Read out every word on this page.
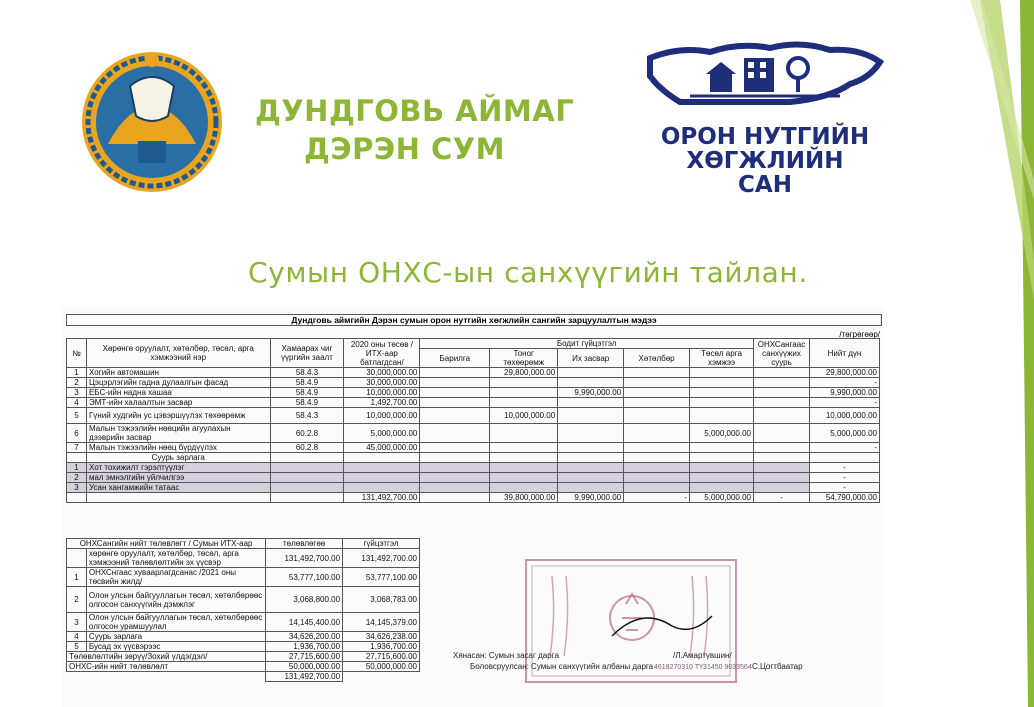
ДУНДГОВЬ АЙМАГ
ДЭРЭН СУМ	ОРОН НУТГИЙН
ХӨГЖЛИЙН
САН
Сумын ОНХС-ын санхүүгийн тайлан.
Дундговь аймгийн Дэрэн сумын орон нутгийн хөгжлийн сангийн зарцуулалтын мэдээ
/төгрөгөөр/
№	Хөрөнгө оруулалт, хөтөлбөр, төсөл, арга хэмжээний нэр	Хамаарах чиг үүргийн заалт	2020 оны төсөв /ИТХ-аар батлагдсан/	Бодит гүйцэтгэл					ОНХСангаас санхүүжих суурь	Нийт дүн
				Барилга	Тоног төхөөрөмж	Их засвар	Хөтөлбөр	Төсөл арга хэмжээ		
1	Хогийн автомашин	58.4.3	30,000,000.00		29,800,000.00					29,800,000.00
2	Цэцэрлэгийн гадна дулаалгын фасад	58.4.9	30,000,000.00							-
3	ЕБС-ийн надна хашаа	58.4.9	10,000,000.00			9,990,000.00				9,990,000.00
4	ЭМТ-ийн халаалтын засвар	58.4.9	1,492,700.00							-
5	Гүний худгийн ус цэвэршүүлэх төхөөрөмж	58.4.3	10,000,000.00		10,000,000.00					10,000,000.00
6	Малын тэжээлийн нөөцийн агуулахын дээврийн засвар	60.2.8	5,000,000.00					5,000,000.00		5,000,000.00
7	Малын тэжээлийн нөөц бүрдүүлэх	60.2.8	45,000,000.00							-
	Суурь зарлага									
1	Хот тохижилт гэрэлтүүлэг									-
2	мал эмнэлгийн үйлчилгээ									-
3	Усан хангамжийн татаас									-
			131,492,700.00		39,800,000.00	9,990,000.00	-	5,000,000.00	-	54,790,000.00
ОНХСангийн нийт төлөвлөгт / Сумын ИТХ-аар		төлөвлөгөө	гүйцэтгэл
	хөрөнгө оруулалт, хөтөлбөр, төсөл, арга хэмжээний төлөвлөлтийн эх үүсвэр	131,492,700.00	131,492,700.00
1	ОНХСнгаас хуваарлагдсанас /2021 оны төсвийн жилд/	53,777,100.00	53,777,100.00
2	Олон улсын байгууллагын төсөл, хөтөлбөрөөс олгосон санхүүгийн дэмжлэг	3,068,800.00	3,068,783.00
3	Олон улсын байгууллагын төсөл, хөтөлбөрөөс олгосон урамшуулал	14,145,400.00	14,145,379.00
4	Суурь зарлага	34,626,200.00	34,626,238.00
5	Бусад эх үүсвэрээс	1,936,700.00	1,936,700.00
Төлөвлөлтийн зөрүү/Зохий үлдэгдэл/		27,715,600.00	27,715,600.00
ОНХС-ийн нийт төлөвлөлт		50,000,000.00	50,000,000.00
		131,492,700.00	
4618270310 ТҮ31450 9033564
Хянасан: Сумын засаг дарга	/Л.Амартүвшин/
Боловсруулсан: Сумын санхүүгийн албаны дарга	С.Цогтбаатар
